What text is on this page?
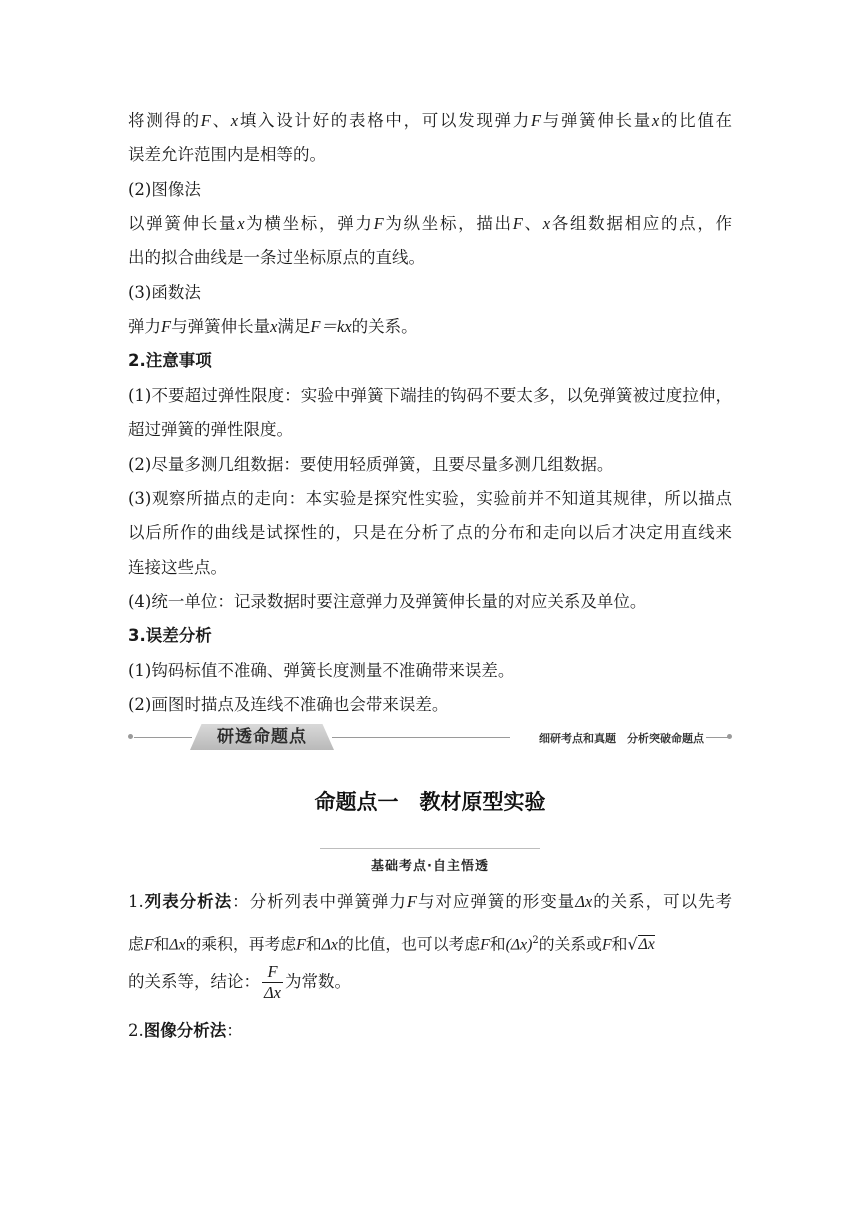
将测得的F、x填入设计好的表格中，可以发现弹力F与弹簧伸长量x的比值在
误差允许范围内是相等的。
(2)图像法
以弹簧伸长量x为横坐标，弹力F为纵坐标，描出F、x各组数据相应的点，作
出的拟合曲线是一条过坐标原点的直线。
(3)函数法
弹力F与弹簧伸长量x满足F＝kx的关系。
2.注意事项
(1)不要超过弹性限度：实验中弹簧下端挂的钩码不要太多，以免弹簧被过度拉伸，
超过弹簧的弹性限度。
(2)尽量多测几组数据：要使用轻质弹簧，且要尽量多测几组数据。
(3)观察所描点的走向：本实验是探究性实验，实验前并不知道其规律，所以描点
以后所作的曲线是试探性的，只是在分析了点的分布和走向以后才决定用直线来
连接这些点。
(4)统一单位：记录数据时要注意弹力及弹簧伸长量的对应关系及单位。
3.误差分析
(1)钩码标值不准确、弹簧长度测量不准确带来误差。
(2)画图时描点及连线不准确也会带来误差。
研透命题点	细研考点和真题　分析突破命题点
命题点一　教材原型实验
基础考点·自主悟透
1.列表分析法：分析列表中弹簧弹力F与对应弹簧的形变量Δx的关系，可以先考
虑F和Δx的乘积，再考虑F和Δx的比值，也可以考虑F和$(\Delta x)^2$的关系或F和√Δx
的关系等，结论： $\frac{F}{\Delta x}$ 为常数。
2.图像分析法：
